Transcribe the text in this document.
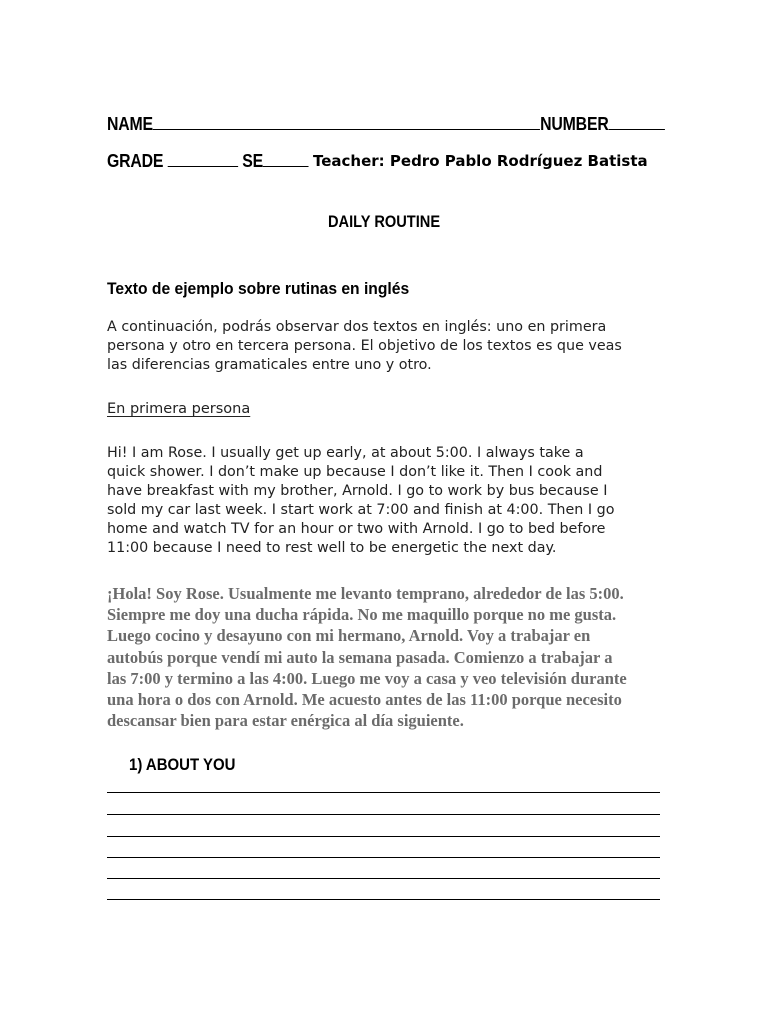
NAME	NUMBER
GRADE	SE	Teacher: Pedro Pablo Rodríguez Batista
DAILY ROUTINE
Texto de ejemplo sobre rutinas en inglés
A continuación, podrás observar dos textos en inglés: uno en primera
persona y otro en tercera persona. El objetivo de los textos es que veas
las diferencias gramaticales entre uno y otro.
En primera persona
Hi! I am Rose. I usually get up early, at about 5:00. I always take a
quick shower. I don’t make up because I don’t like it. Then I cook and
have breakfast with my brother, Arnold. I go to work by bus because I
sold my car last week. I start work at 7:00 and finish at 4:00. Then I go
home and watch TV for an hour or two with Arnold. I go to bed before
11:00 because I need to rest well to be energetic the next day.
¡Hola! Soy Rose. Usualmente me levanto temprano, alrededor de las 5:00.
Siempre me doy una ducha rápida. No me maquillo porque no me gusta.
Luego cocino y desayuno con mi hermano, Arnold. Voy a trabajar en
autobús porque vendí mi auto la semana pasada. Comienzo a trabajar a
las 7:00 y termino a las 4:00. Luego me voy a casa y veo televisión durante
una hora o dos con Arnold. Me acuesto antes de las 11:00 porque necesito
descansar bien para estar enérgica al día siguiente.
1) ABOUT YOU
